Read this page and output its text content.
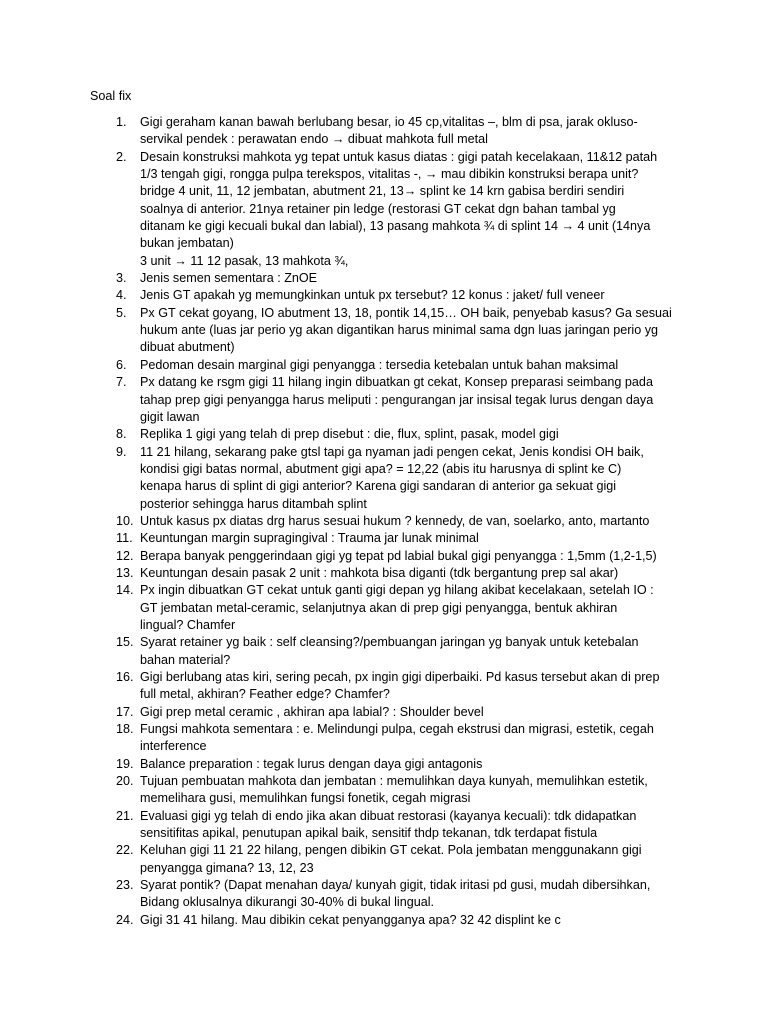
Soal fix
1.	Gigi geraham kanan bawah berlubang besar, io 45 cp,vitalitas –, blm di psa, jarak okluso-
servikal pendek : perawatan endo → dibuat mahkota full metal
2.	Desain konstruksi mahkota yg tepat untuk kasus diatas : gigi patah kecelakaan, 11&12 patah
1/3 tengah gigi, rongga pulpa terekspos, vitalitas -, → mau dibikin konstruksi berapa unit?
bridge 4 unit, 11, 12 jembatan, abutment 21, 13→ splint ke 14 krn gabisa berdiri sendiri
soalnya di anterior. 21nya retainer pin ledge (restorasi GT cekat dgn bahan tambal yg
ditanam ke gigi kecuali bukal dan labial), 13 pasang mahkota ¾ di splint 14 → 4 unit (14nya
bukan jembatan)
3 unit → 11 12 pasak, 13 mahkota ¾,
3.	Jenis semen sementara : ZnOE
4.	Jenis GT apakah yg memungkinkan untuk px tersebut? 12 konus : jaket/ full veneer
5.	Px GT cekat goyang, IO abutment 13, 18, pontik 14,15… OH baik, penyebab kasus? Ga sesuai
hukum ante (luas jar perio yg akan digantikan harus minimal sama dgn luas jaringan perio yg
dibuat abutment)
6.	Pedoman desain marginal gigi penyangga : tersedia ketebalan untuk bahan maksimal
7.	Px datang ke rsgm gigi 11 hilang ingin dibuatkan gt cekat, Konsep preparasi seimbang pada
tahap prep gigi penyangga harus meliputi : pengurangan jar insisal tegak lurus dengan daya
gigit lawan
8.	Replika 1 gigi yang telah di prep disebut : die, flux, splint, pasak, model gigi
9.	11 21 hilang, sekarang pake gtsl tapi ga nyaman jadi pengen cekat, Jenis kondisi OH baik,
kondisi gigi batas normal, abutment gigi apa? = 12,22 (abis itu harusnya di splint ke C)
kenapa harus di splint di gigi anterior? Karena gigi sandaran di anterior ga sekuat gigi
posterior sehingga harus ditambah splint
10. Untuk kasus px diatas drg harus sesuai hukum ? kennedy, de van, soelarko, anto, martanto
11. Keuntungan margin supragingival : Trauma jar lunak minimal
12. Berapa banyak penggerindaan gigi yg tepat pd labial bukal gigi penyangga : 1,5mm (1,2-1,5)
13. Keuntungan desain pasak 2 unit : mahkota bisa diganti (tdk bergantung prep sal akar)
14. Px ingin dibuatkan GT cekat untuk ganti gigi depan yg hilang akibat kecelakaan, setelah IO :
GT jembatan metal-ceramic, selanjutnya akan di prep gigi penyangga, bentuk akhiran
lingual? Chamfer
15. Syarat retainer yg baik : self cleansing?/pembuangan jaringan yg banyak untuk ketebalan
bahan material?
16. Gigi berlubang atas kiri, sering pecah, px ingin gigi diperbaiki. Pd kasus tersebut akan di prep
full metal, akhiran? Feather edge? Chamfer?
17. Gigi prep metal ceramic , akhiran apa labial? : Shoulder bevel
18. Fungsi mahkota sementara : e. Melindungi pulpa, cegah ekstrusi dan migrasi, estetik, cegah
interference
19. Balance preparation : tegak lurus dengan daya gigi antagonis
20. Tujuan pembuatan mahkota dan jembatan : memulihkan daya kunyah, memulihkan estetik,
memelihara gusi, memulihkan fungsi fonetik, cegah migrasi
21. Evaluasi gigi yg telah di endo jika akan dibuat restorasi (kayanya kecuali): tdk didapatkan
sensitifitas apikal, penutupan apikal baik, sensitif thdp tekanan, tdk terdapat fistula
22. Keluhan gigi 11 21 22 hilang, pengen dibikin GT cekat. Pola jembatan menggunakann gigi
penyangga gimana? 13, 12, 23
23. Syarat pontik? (Dapat menahan daya/ kunyah gigit, tidak iritasi pd gusi, mudah dibersihkan,
Bidang oklusalnya dikurangi 30-40% di bukal lingual.
24. Gigi 31 41 hilang. Mau dibikin cekat penyangganya apa? 32 42 displint ke c
